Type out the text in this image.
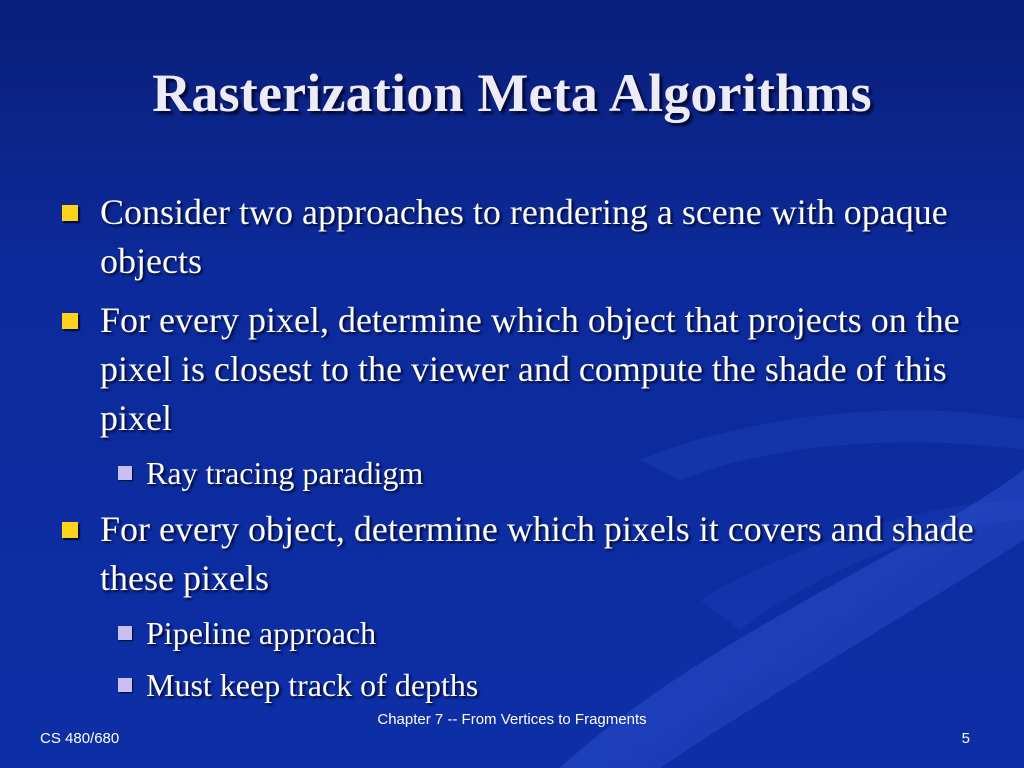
Rasterization Meta Algorithms
Consider two approaches to rendering a scene with opaque objects
For every pixel, determine which object that projects on the pixel is closest to the viewer and compute the shade of this pixel
Ray tracing paradigm
For every object, determine which pixels it covers and shade these pixels
Pipeline approach
Must keep track of depths
CS 480/680
Chapter 7 -- From Vertices to Fragments
5
